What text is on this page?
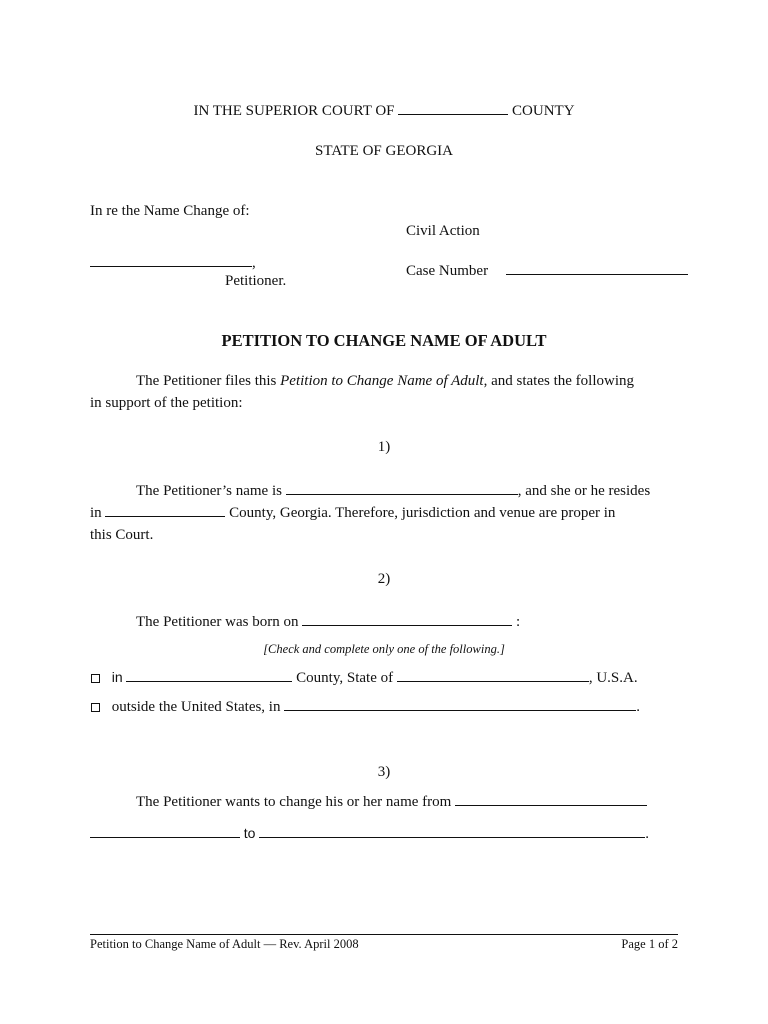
IN THE SUPERIOR COURT OF	COUNTY
STATE OF GEORGIA
In re the Name Change of:
Civil Action
,
Petitioner.
Case Number
PETITION TO CHANGE NAME OF ADULT
The Petitioner files this Petition to Change Name of Adult, and states the following
in support of the petition:
1)
The Petitioner’s name is	, and she or he resides
in	County, Georgia. Therefore, jurisdiction and venue are proper in
this Court.
2)
The Petitioner was born on	:
[Check and complete only one of the following.]
in	County, State of	, U.S.A.
outside the United States, in	.
3)
The Petitioner wants to change his or her name from
to	.
Petition to Change Name of Adult — Rev. April 2008	Page 1 of 2
